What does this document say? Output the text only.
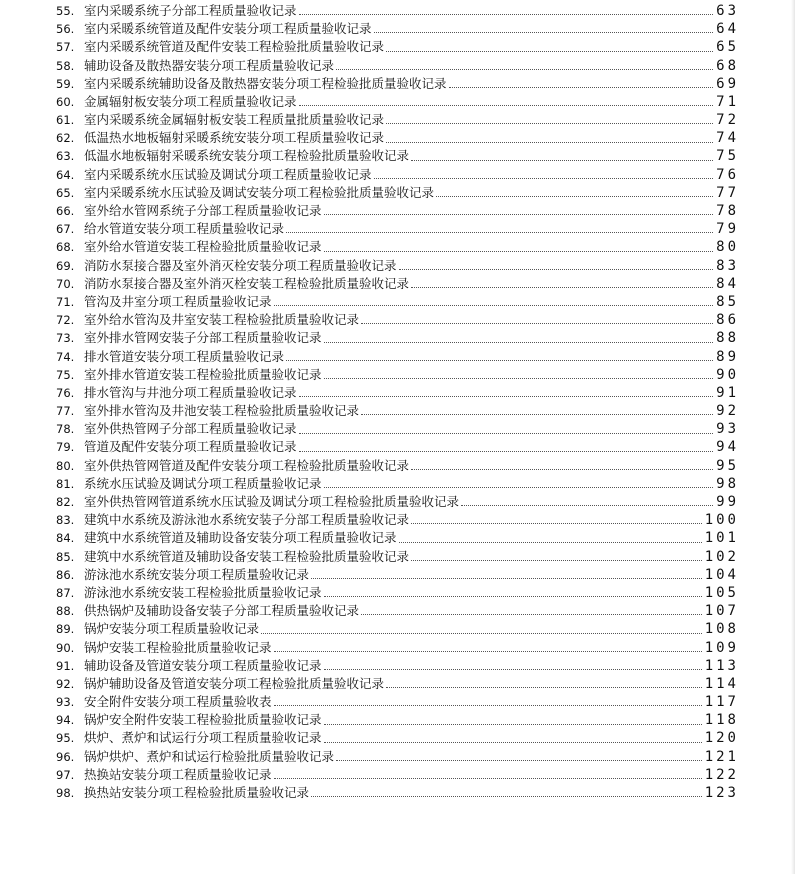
55. 室内采暖系统子分部工程质量验收记录	63
56. 室内采暖系统管道及配件安装分项工程质量验收记录	64
57. 室内采暖系统管道及配件安装工程检验批质量验收记录	65
58. 辅助设备及散热器安装分项工程质量验收记录	68
59. 室内采暖系统辅助设备及散热器安装分项工程检验批质量验收记录	69
60. 金属辐射板安装分项工程质量验收记录	71
61. 室内采暖系统金属辐射板安装工程质量批质量验收记录	72
62. 低温热水地板辐射采暖系统安装分项工程质量验收记录	74
63. 低温水地板辐射采暖系统安装分项工程检验批质量验收记录	75
64. 室内采暖系统水压试验及调试分项工程质量验收记录	76
65. 室内采暖系统水压试验及调试安装分项工程检验批质量验收记录	77
66. 室外给水管网系统子分部工程质量验收记录	78
67. 给水管道安装分项工程质量验收记录	79
68. 室外给水管道安装工程检验批质量验收记录	80
69. 消防水泵接合器及室外消灭栓安装分项工程质量验收记录	83
70. 消防水泵接合器及室外消灭栓安装工程检验批质量验收记录	84
71. 管沟及井室分项工程质量验收记录	85
72. 室外给水管沟及井室安装工程检验批质量验收记录	86
73. 室外排水管网安装子分部工程质量验收记录	88
74. 排水管道安装分项工程质量验收记录	89
75. 室外排水管道安装工程检验批质量验收记录	90
76. 排水管沟与井池分项工程质量验收记录	91
77. 室外排水管沟及井池安装工程检验批质量验收记录	92
78. 室外供热管网子分部工程质量验收记录	93
79. 管道及配件安装分项工程质量验收记录	94
80. 室外供热管网管道及配件安装分项工程检验批质量验收记录	95
81. 系统水压试验及调试分项工程质量验收记录	98
82. 室外供热管网管道系统水压试验及调试分项工程检验批质量验收记录	99
83. 建筑中水系统及游泳池水系统安装子分部工程质量验收记录	100
84. 建筑中水系统管道及辅助设备安装分项工程质量验收记录	101
85. 建筑中水系统管道及辅助设备安装工程检验批质量验收记录	102
86. 游泳池水系统安装分项工程质量验收记录	104
87. 游泳池水系统安装工程检验批质量验收记录	105
88. 供热锅炉及辅助设备安装子分部工程质量验收记录	107
89. 锅炉安装分项工程质量验收记录	108
90. 锅炉安装工程检验批质量验收记录	109
91. 辅助设备及管道安装分项工程质量验收记录	113
92. 锅炉辅助设备及管道安装分项工程检验批质量验收记录	114
93. 安全附件安装分项工程质量验收表	117
94. 锅炉安全附件安装工程检验批质量验收记录	118
95. 烘炉、煮炉和试运行分项工程质量验收记录	120
96. 锅炉烘炉、煮炉和试运行检验批质量验收记录	121
97. 热换站安装分项工程质量验收记录	122
98. 换热站安装分项工程检验批质量验收记录	123
